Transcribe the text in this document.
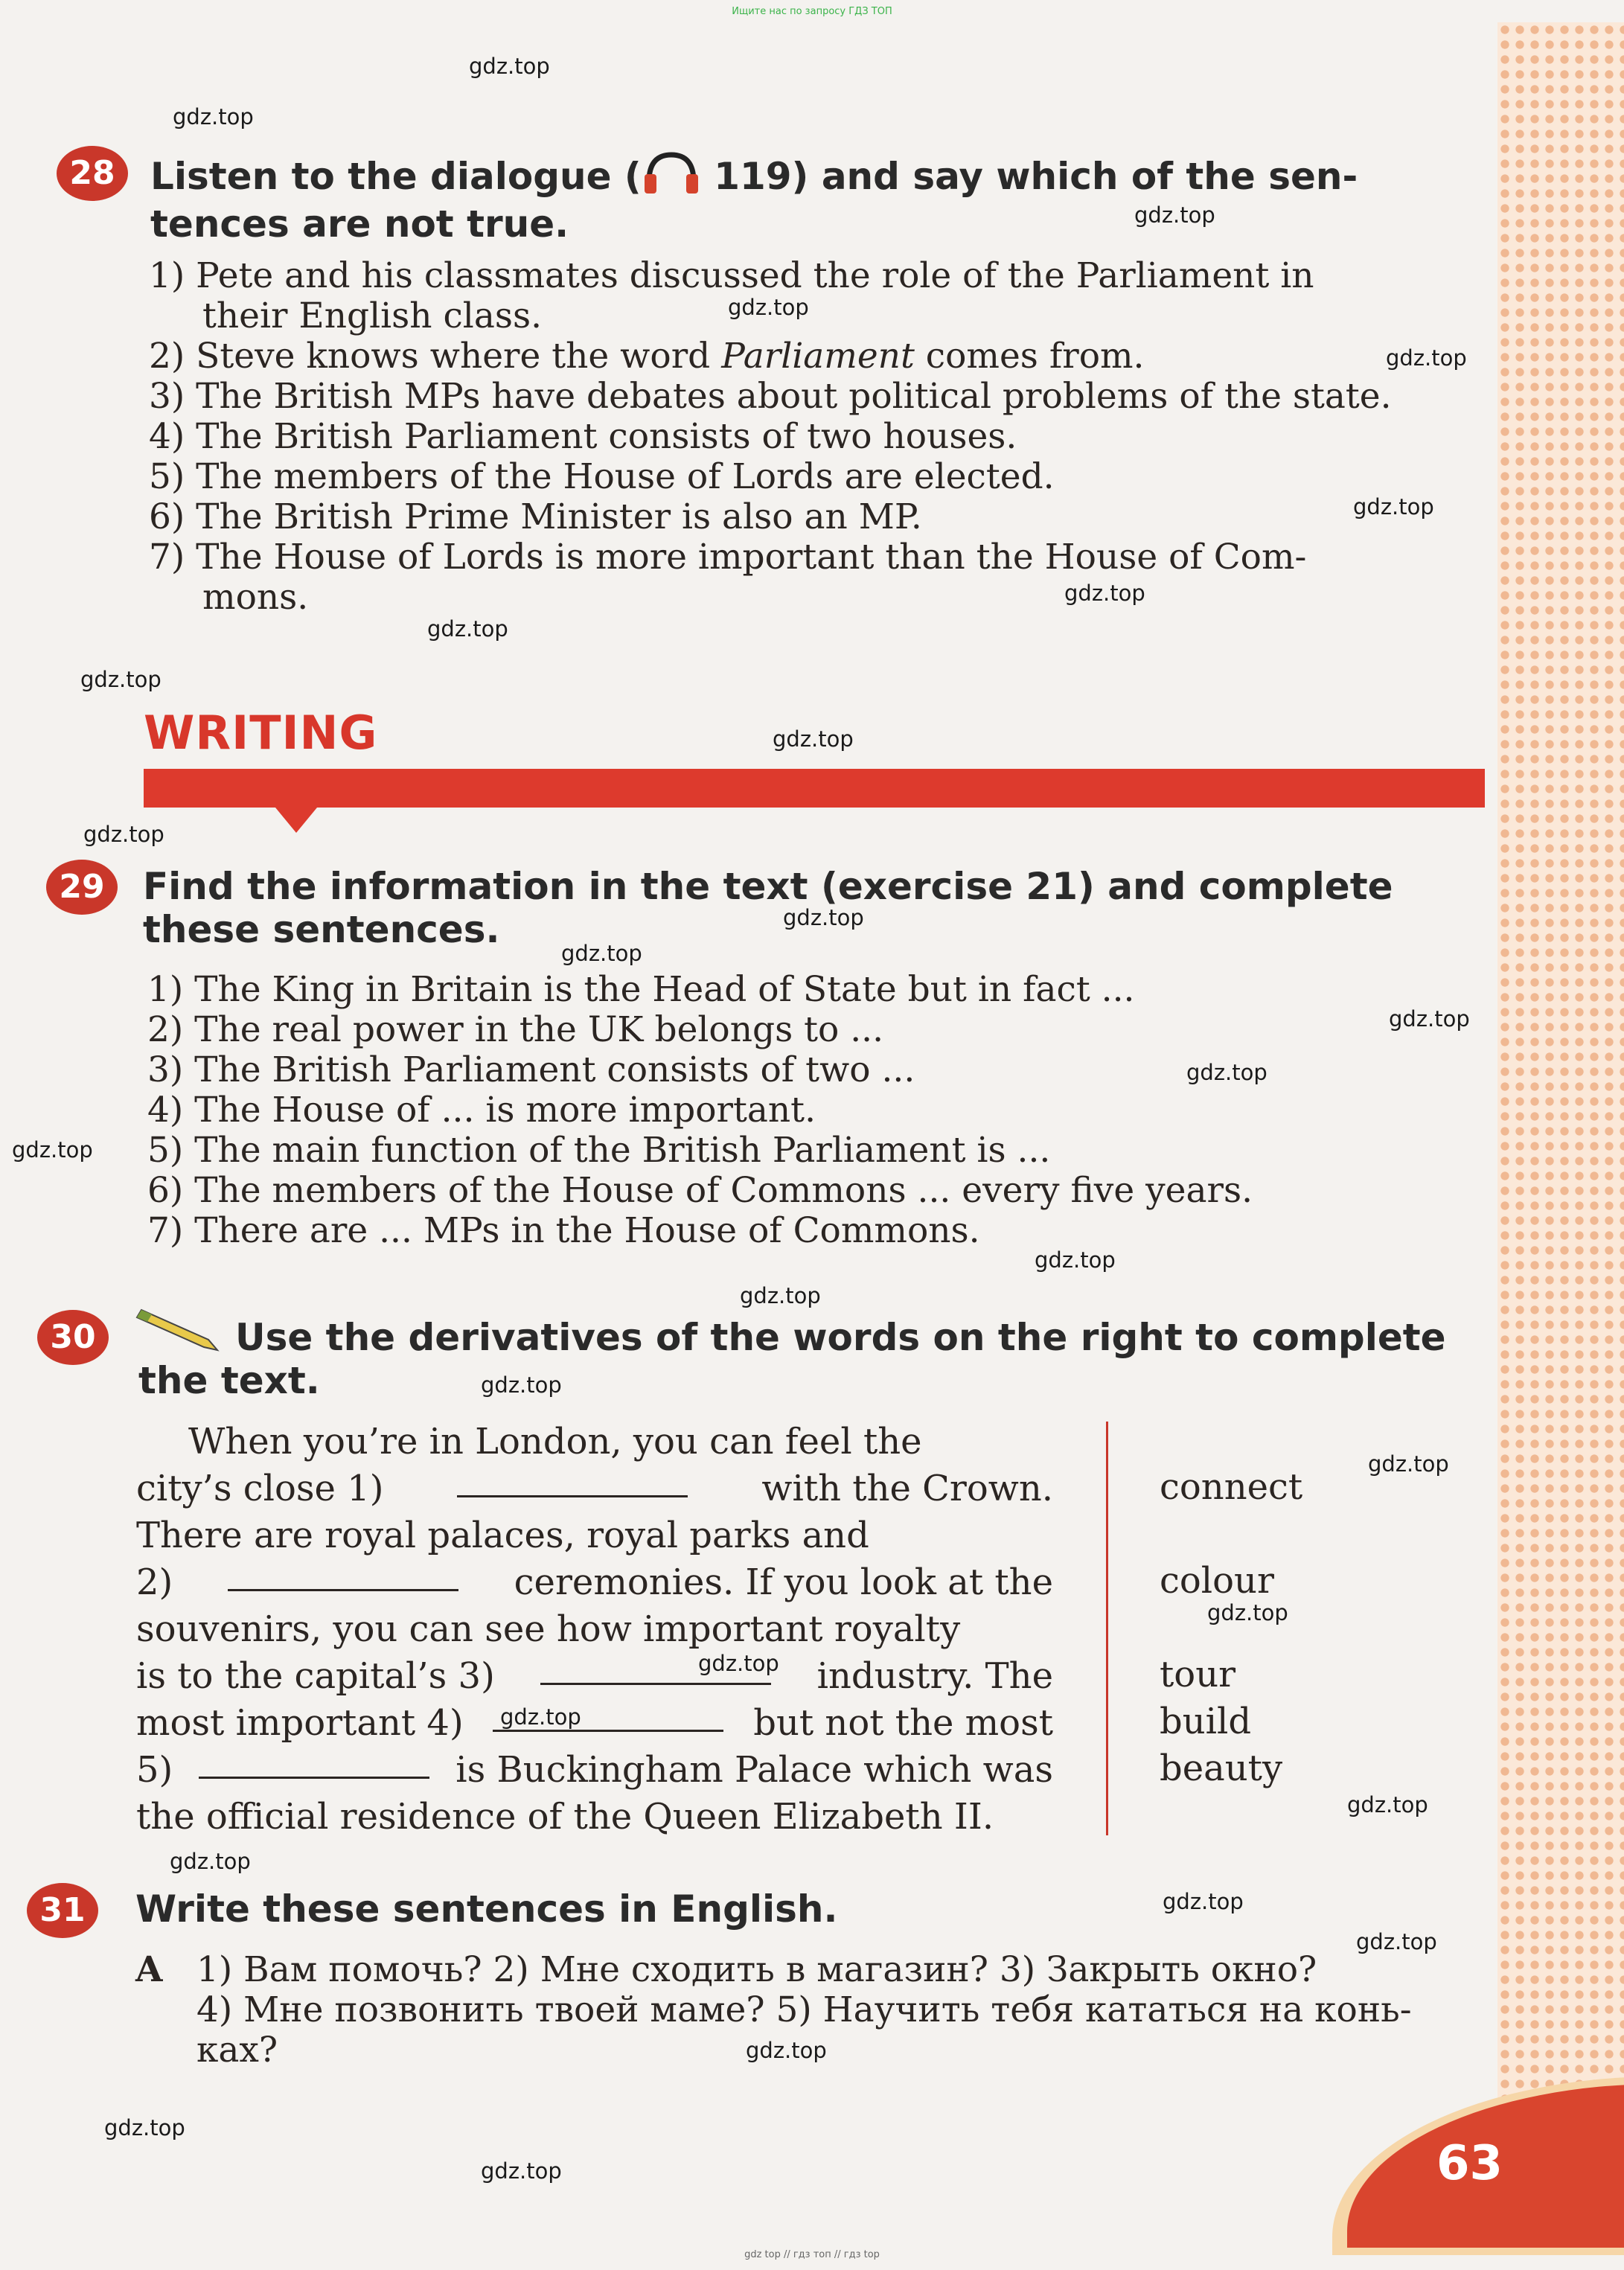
Ищите нас по запросу ГДЗ ТОП
28 Listen to the dialogue ( 119) and say which of the sen-
tences are not true.
1) Pete and his classmates discussed the role of the Parliament in
their English class.
2) Steve knows where the word Parliament comes from.
3) The British MPs have debates about political problems of the state.
4) The British Parliament consists of two houses.
5) The members of the House of Lords are elected.
6) The British Prime Minister is also an MP.
7) The House of Lords is more important than the House of Com-
mons.
WRITING
29	Find the information in the text (exercise 21) and complete
these sentences.
1) The King in Britain is the Head of State but in fact ...
2) The real power in the UK belongs to ...
3) The British Parliament consists of two ...
4) The House of ... is more important.
5) The main function of the British Parliament is ...
6) The members of the House of Commons ... every five years.
7) There are ... MPs in the House of Commons.
30	Use the derivatives of the words on the right to complete
the text.
When you’re in London, you can feel the
city’s close 1)	with the Crown.
There are royal palaces, royal parks and
2)	ceremonies. If you look at the
souvenirs, you can see how important royalty
is to the capital’s 3)	industry. The
most important 4)	but not the most
5)	is Buckingham Palace which was
the official residence of the Queen Elizabeth II.
connect
colour
tour
build
beauty
31	Write these sentences in English.
A 1) Вам помочь? 2) Мне сходить в магазин? 3) Закрыть окно?
4) Мне позвонить твоей маме? 5) Научить тебя кататься на конь-
ках?
63
gdz.top
gdz.top
gdz.top
gdz.top
gdz.top
gdz.top
gdz.top
gdz.top
gdz.top
gdz.top
gdz.top
gdz.top
gdz.top
gdz.top
gdz.top
gdz.top
gdz.top
gdz.top
gdz.top
gdz.top
gdz.top
gdz.top
gdz.top
gdz.top
gdz.top
gdz.top
gdz.top
gdz.top
gdz.top
gdz.top
gdz top // гдз топ // гдз top
